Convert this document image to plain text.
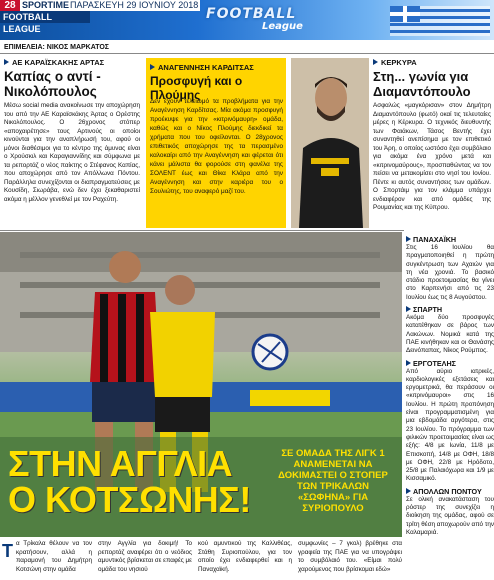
28 SPORTIME ΠΑΡΑΣΚΕΥΗ 29 ΙΟΥΝΙΟΥ 2018
FOOTBALL LEAGUE
FOOTBALL
League
ΕΠΙΜΕΛΕΙΑ: ΝΙΚΟΣ ΜΑΡΚΑΤΟΣ
ΑΕ ΚΑΡΑΪΣΚΑΚΗΣ ΑΡΤΑΣ
Καπίας ο αντί - Νικολόπουλος
Μέσω social media ανακοίνωσε την αποχώρηση του από την ΑΕ Καραϊσκάκης Άρτας ο Ορέστης Νικολόπουλος. Ο 26χρονος στόπερ «αποχαιρέτησε» τους Αρτινούς οι οποίοι κινούνται για την αναπλήρωσή του, αφού οι μόνοι διαθέσιμοι για το κέντρο της άμυνας είναι ο Χρούσκιλ και Καραγιαννίδης και σύμφωνα με τα ρεπορτάζ ο νέος παίκτης ο Στέφανος Καπίας, που αποχώρησε από τον Απόλλωνα Πόντου. Παράλληλα συνεχίζονται οι διαπραγματεύσεις με Κουσίδη, Σιωράβα, ενώ δεν έχει ξεκαθαριστεί ακόμα η μέλλον γενεθλεί με τον Ραχεύτη.
ΑΝΑΓΕΝΝΗΣΗ ΚΑΡΔΙΤΣΑΣ
Προσφυγή και ο Πλούμης
Δεν έχουν τελειωμό τα προβλήματα για την Αναγέννηση Καρδίτσας. Μία ακόμα προσφυγή προέκυψε για την «κιτρινόμαυρη» ομάδα, καθώς και ο Νίκος Πλούμης διεκδικεί τα χρήματα που του οφείλονται. Ο 28χρονος επιθετικός αποχώρησε της τα περασμένο καλοκαίρι από την Αναγέννηση και φέρεται ότι κάνει μάλιστα θα φορούσε στη φανέλα της ΣΟΛΕΝΤ έως και Θίκα Κλάρα από την Αναγέννηση και στην καριέρα του ο Σουλιώτης, του αναφερό μαζί του.
ΚΕΡΚΥΡΑ
Στη... γωνία για Διαμαντόπουλο
Ασφαλώς «μαγκόρισαν» στον Δημήτρη Διαμαντόπουλο (φωτό) οκαί τις τελευταίες μέρες η Κέρκυρα. Ο τεχνικός διευθυντής των Φαιάκων, Τάσος Βεντής έχει συναντηθεί ανεπίσημα με τον επιθετικό του Άρη, ο οποίος ωστόσο έχει συμβόλαιο για ακόμα ένα χρόνο μετά και «κιτρινομαύρους», προσπαθώντας να τον πείσει να μετακομίσει στο νησί του Ιονίου. Πέντε κι αυτός συναντήσεις των ομάδων. Ο Σπορτάιμ για τον κλάμμα υπάρχει ενδιαφέρον και από ομάδες της Ρουμανίας και της Κύπρου.
ΣΤΗΝ ΑΓΓΛΙΑ
Ο ΚΟΤΣΩΝΗΣ!
ΣΕ ΟΜΑΔΑ ΤΗΣ ΛΙΓΚ 1 ΑΝΑΜΕΝΕΤΑΙ ΝΑ ΔΟΚΙΜΑΣΤΕΙ Ο ΣΤΟΠΕΡ ΤΩΝ ΤΡΙΚΑΛΩΝ «ΣΩΦΗΝΑ» ΓΙΑ ΣΥΡΙΟΠΟΥΛΟ
ΠΑΝΑΧΑΪΚΗ
Στις 16 Ιουλίου θα πραγματοποιηθεί η πρώτη συγκέντρωση των Αχαιών για τη νέα χρονιά. Το βασικό στάδιο προετοιμασίας θα γίνει στο Καρπενήσι από τις 23 Ιουλίου έως τις 8 Αυγούστου.
ΣΠΑΡΤΗ
Ακόμα δύο προσφυγές κατατέθηκαν σε βάρος των Λακώνων. Νομικά κατά της ΠΑΕ κινήθηκαν και οι Θανάσης Δεινόπαπας, Νίκος Ρούμπος.
ΕΡΓΟΤΕΛΗΣ
Από αύριο ιατρικές, καρδιολογικές εξετάσεις και εργομετρικά, θα περάσουν οι «κιτρινόμαυροι» στις 16 Ιουλίου. Η πρώτη προπόνηση είναι προγραμματισμένη για μια εβδομάδα αργότερα, στις 23 Ιουλίου. Το πρόγραμμα των φιλικών προετοιμασίας είναι ως εξής: 4/8 με Ιωνία, 11/8 με Επισκοπή, 14/8 με ΟΦΗ, 18/8 με ΟΦΗ, 22/8 με Ηρόδοτο, 25/8 με Παλαιόχωρα και 1/9 με Κισσαμικό.
ΑΠΟΛΛΩΝ ΠΟΝΤΟΥ
Σε ολική ανακατάσταση του ρόστερ της συνεχίζει η διοίκηση της ομάδας, αφού σε τρίτη θέση αποχωρούν από την Καλαμαριά.
α Τρίκαλα θέλουν να τον κρατήσουν, αλλά η παραμονή του Δημήτρη Κοτσώνη στην ομάδα
στην Αγγλία για δοκιμή! Το ρεπορτάζ αναφέρει ότι ο νεόδιος αμυντικός βρίσκεται σε επαφές με ομάδα του νησιού
κού αμυντικού της Καλλιθέας, Στάθη Συριοπούλου, για τον οποίο έχει ενδιαφερθεί και η Παναχαϊκή.
συμφωνίες – 7 γκολ) βρέθηκε στα γραφεία της ΠΑΕ για να υπογράψει το συμβόλαιό του. «Είμαι πολύ χαρούμενος που βρίσκομαι εδώ»
Τ
